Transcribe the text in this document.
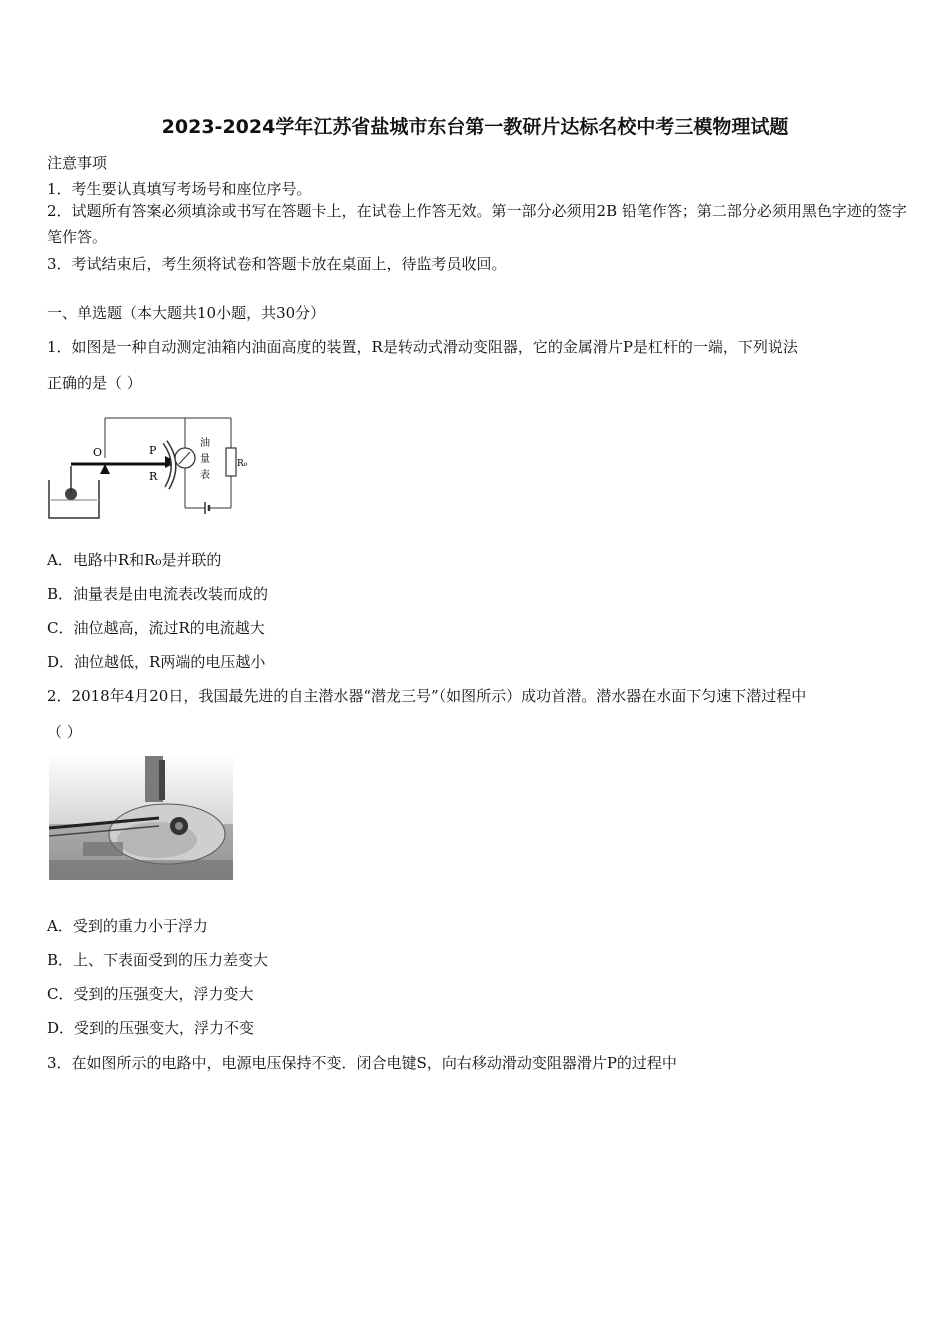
2023-2024学年江苏省盐城市东台第一教研片达标名校中考三模物理试题
注意事项
1．考生要认真填写考场号和座位序号。
2．试题所有答案必须填涂或书写在答题卡上，在试卷上作答无效。第一部分必须用2B 铅笔作答；第二部分必须用黑色字迹的签字笔作答。
3．考试结束后，考生须将试卷和答题卡放在桌面上，待监考员收回。
一、单选题（本大题共10小题，共30分）
1．如图是一种自动测定油箱内油面高度的装置，R是转动式滑动变阻器，它的金属滑片P是杠杆的一端，下列说法
正确的是（ ）
O	P
R
油
量
表
R₀
A．电路中R和R₀是并联的
B．油量表是由电流表改装而成的
C．油位越高，流过R的电流越大
D．油位越低，R两端的电压越小
2．2018年4月20日，我国最先进的自主潜水器“潜龙三号”（如图所示）成功首潜。潜水器在水面下匀速下潜过程中
（ ）
A．受到的重力小于浮力
B．上、下表面受到的压力差变大
C．受到的压强变大，浮力变大
D．受到的压强变大，浮力不变
3．在如图所示的电路中，电源电压保持不变．闭合电键S，向右移动滑动变阻器滑片P的过程中
